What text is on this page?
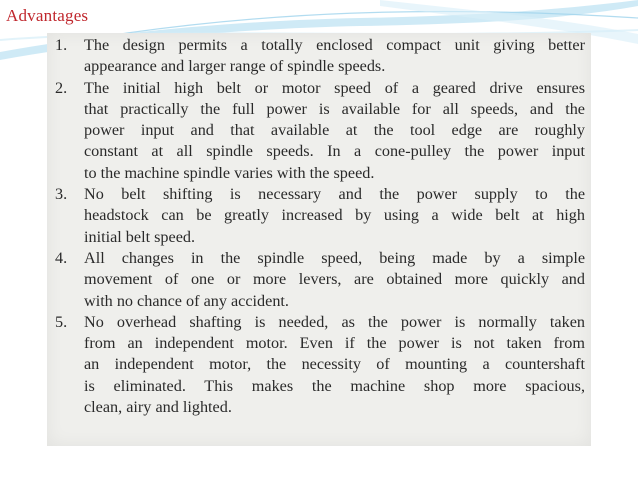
Advantages
1. The design permits a totally enclosed compact unit giving better
appearance and larger range of spindle speeds.
2. The initial high belt or motor speed of a geared drive ensures
that practically the full power is available for all speeds, and the
power input and that available at the tool edge are roughly
constant at all spindle speeds. In a cone-pulley the power input
to the machine spindle varies with the speed.
3. No belt shifting is necessary and the power supply to the
headstock can be greatly increased by using a wide belt at high
initial belt speed.
4. All changes in the spindle speed, being made by a simple
movement of one or more levers, are obtained more quickly and
with no chance of any accident.
5. No overhead shafting is needed, as the power is normally taken
from an independent motor. Even if the power is not taken from
an independent motor, the necessity of mounting a countershaft
is eliminated. This makes the machine shop more spacious,
clean, airy and lighted.
